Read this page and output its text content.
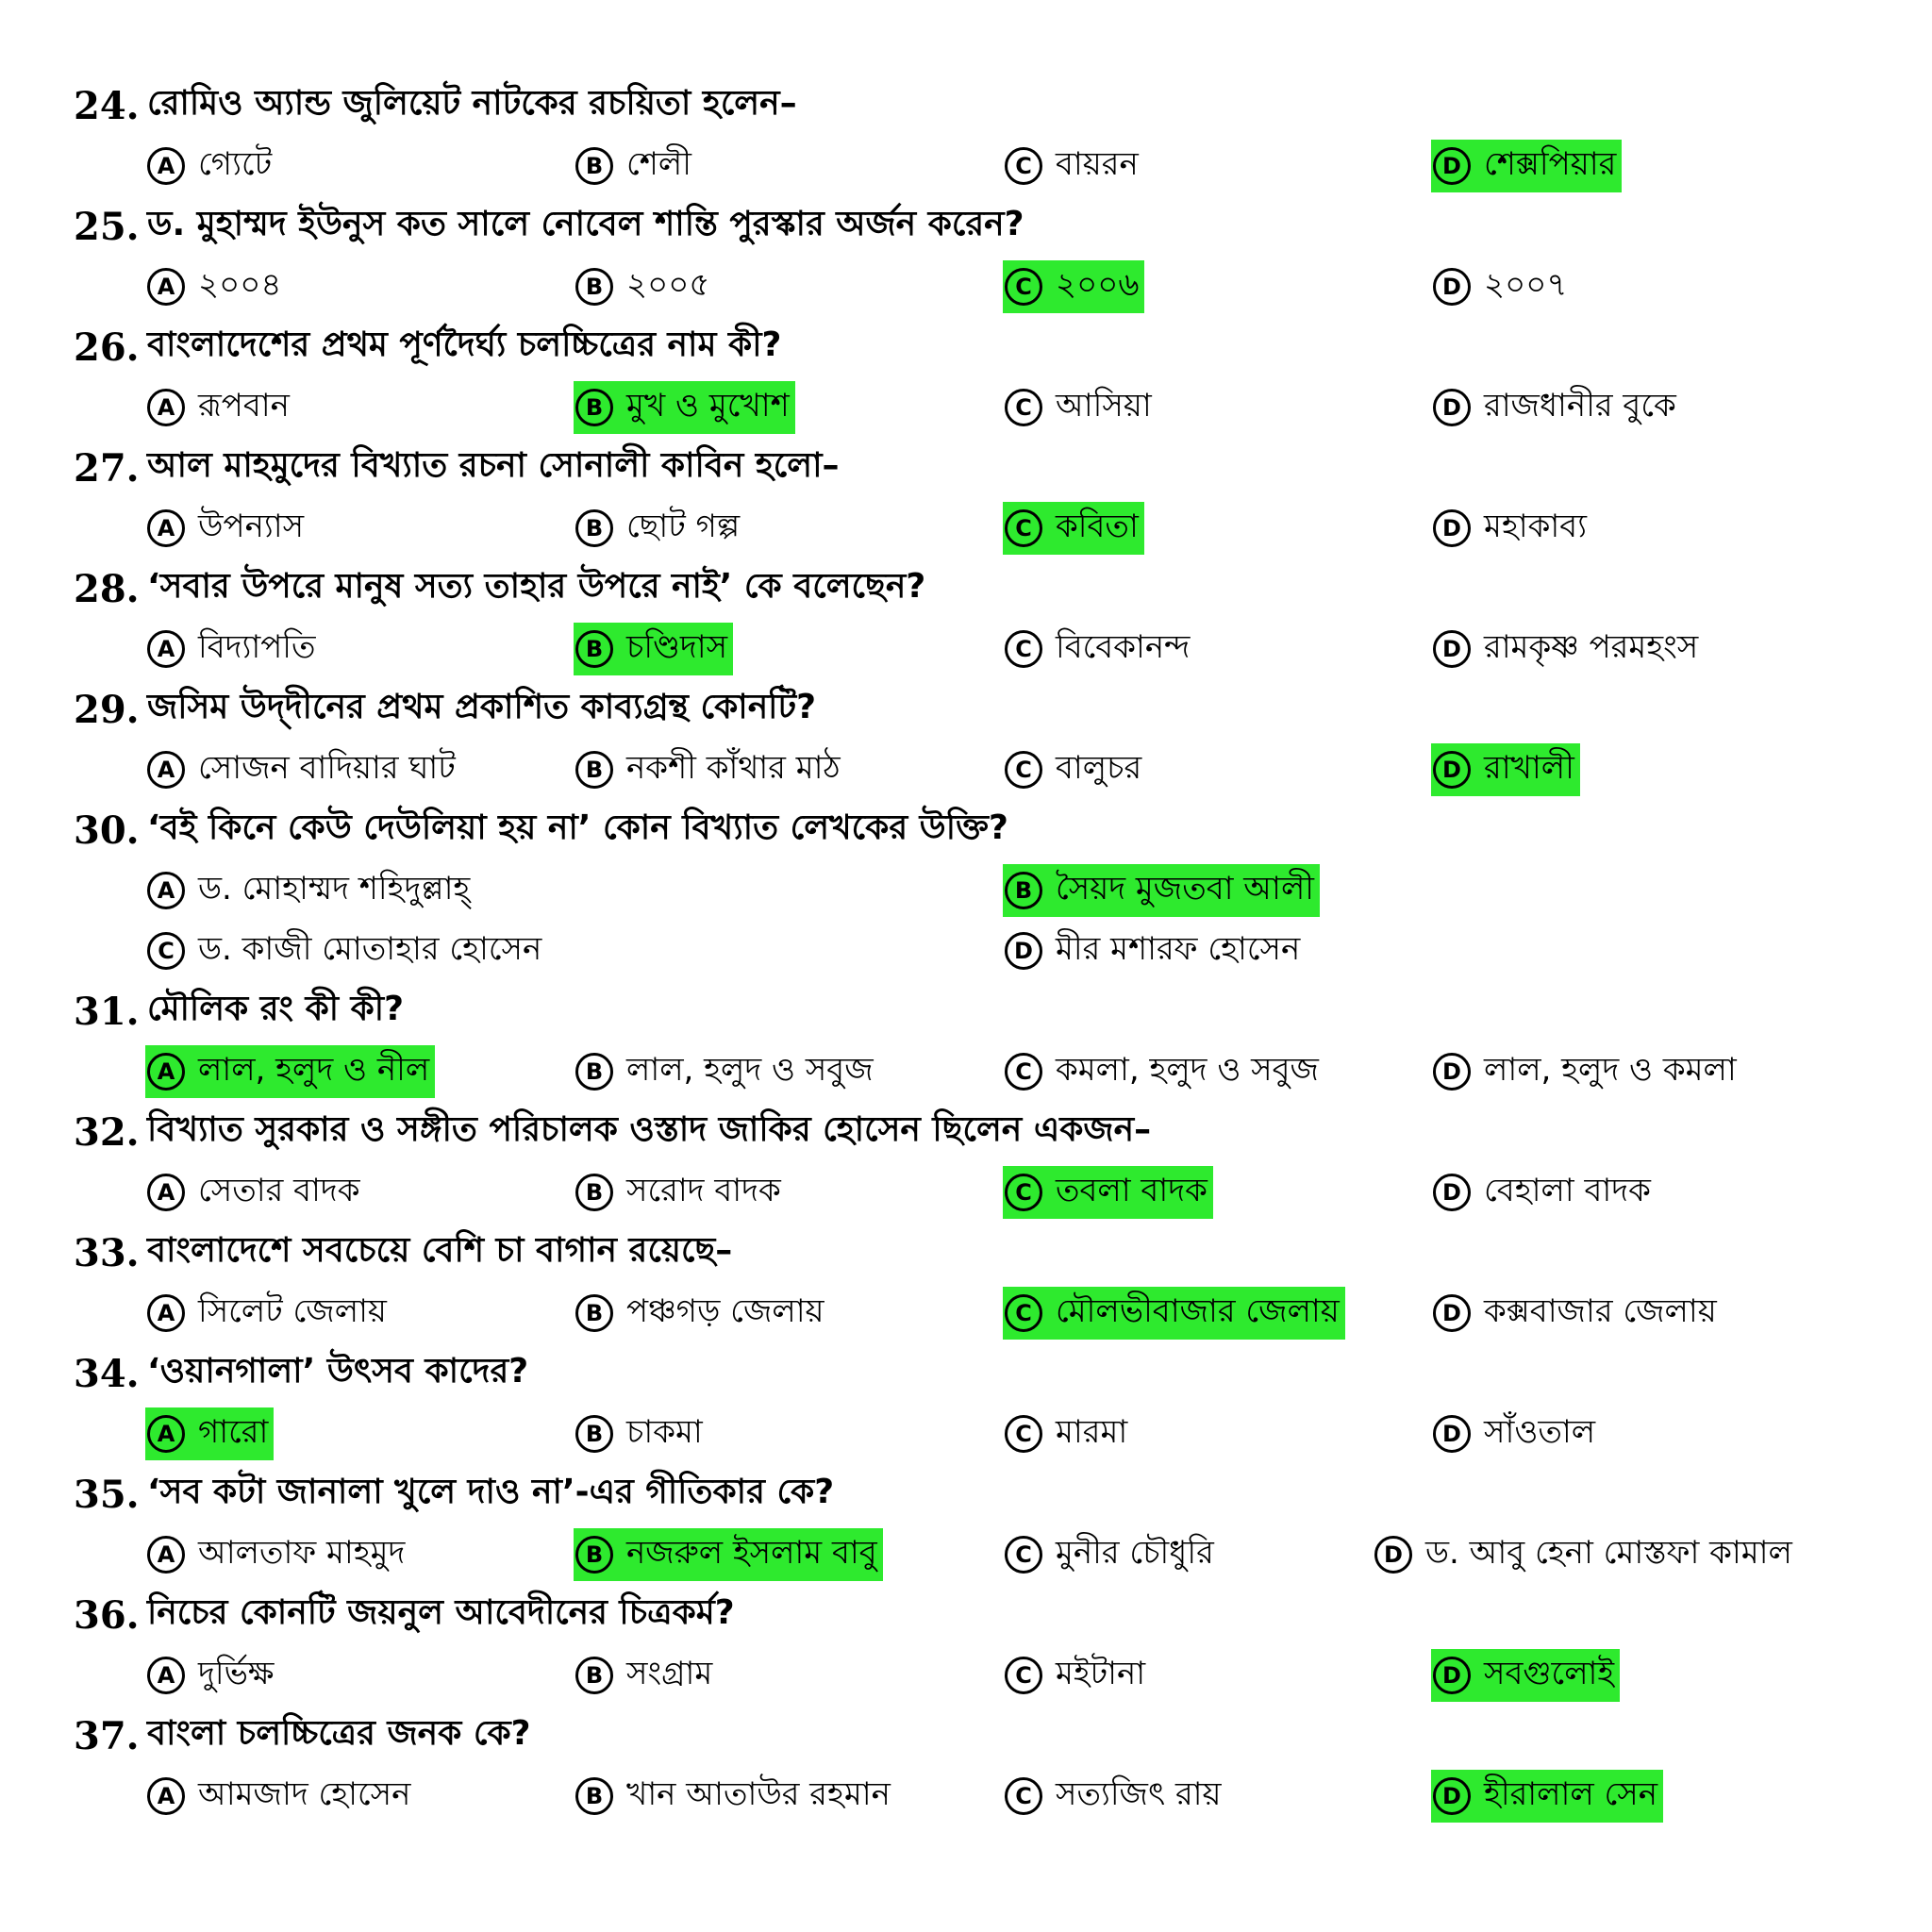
24. রোমিও অ্যান্ড জুলিয়েট নাটকের রচয়িতা হলেন–
A গ্যেটে	B শেলী	C বায়রন	D শেক্সপিয়ার
25. ড. মুহাম্মদ ইউনুস কত সালে নোবেল শান্তি পুরস্কার অর্জন করেন?
A ২০০৪	B ২০০৫	C ২০০৬	D ২০০৭
26. বাংলাদেশের প্রথম পূর্ণদৈর্ঘ্য চলচ্চিত্রের নাম কী?
A রূপবান	B মুখ ও মুখোশ	C আসিয়া	D রাজধানীর বুকে
27. আল মাহমুদের বিখ্যাত রচনা সোনালী কাবিন হলো–
A উপন্যাস	B ছোট গল্প	C কবিতা	D মহাকাব্য
28. ‘সবার উপরে মানুষ সত্য তাহার উপরে নাই’ কে বলেছেন?
A বিদ্যাপতি	B চণ্ডিদাস	C বিবেকানন্দ	D রামকৃষ্ণ পরমহংস
29. জসিম উদ্‌দীনের প্রথম প্রকাশিত কাব্যগ্রন্থ কোনটি?
A সোজন বাদিয়ার ঘাট	B নকশী কাঁথার মাঠ	C বালুচর	D রাখালী
30. ‘বই কিনে কেউ দেউলিয়া হয় না’ কোন বিখ্যাত লেখকের উক্তি?
A ড. মোহাম্মদ শহিদুল্লাহ্	B সৈয়দ মুজতবা আলী
C ড. কাজী মোতাহার হোসেন	D মীর মশারফ হোসেন
31. মৌলিক রং কী কী?
A লাল, হলুদ ও নীল	B লাল, হলুদ ও সবুজ	C কমলা, হলুদ ও সবুজ	D লাল, হলুদ ও কমলা
32. বিখ্যাত সুরকার ও সঙ্গীত পরিচালক ওস্তাদ জাকির হোসেন ছিলেন একজন–
A সেতার বাদক	B সরোদ বাদক	C তবলা বাদক	D বেহালা বাদক
33. বাংলাদেশে সবচেয়ে বেশি চা বাগান রয়েছে–
A সিলেট জেলায়	B পঞ্চগড় জেলায়	C মৌলভীবাজার জেলায়	D কক্সবাজার জেলায়
34. ‘ওয়ানগালা’ উৎসব কাদের?
A গারো	B চাকমা	C মারমা	D সাঁওতাল
35. ‘সব কটা জানালা খুলে দাও না’-এর গীতিকার কে?
A আলতাফ মাহমুদ	B নজরুল ইসলাম বাবু	C মুনীর চৌধুরি	D ড. আবু হেনা মোস্তফা কামাল
36. নিচের কোনটি জয়নুল আবেদীনের চিত্রকর্ম?
A দুর্ভিক্ষ	B সংগ্রাম	C মইটানা	D সবগুলোই
37. বাংলা চলচ্চিত্রের জনক কে?
A আমজাদ হোসেন	B খান আতাউর রহমান	C সত্যজিৎ রায়	D হীরালাল সেন
